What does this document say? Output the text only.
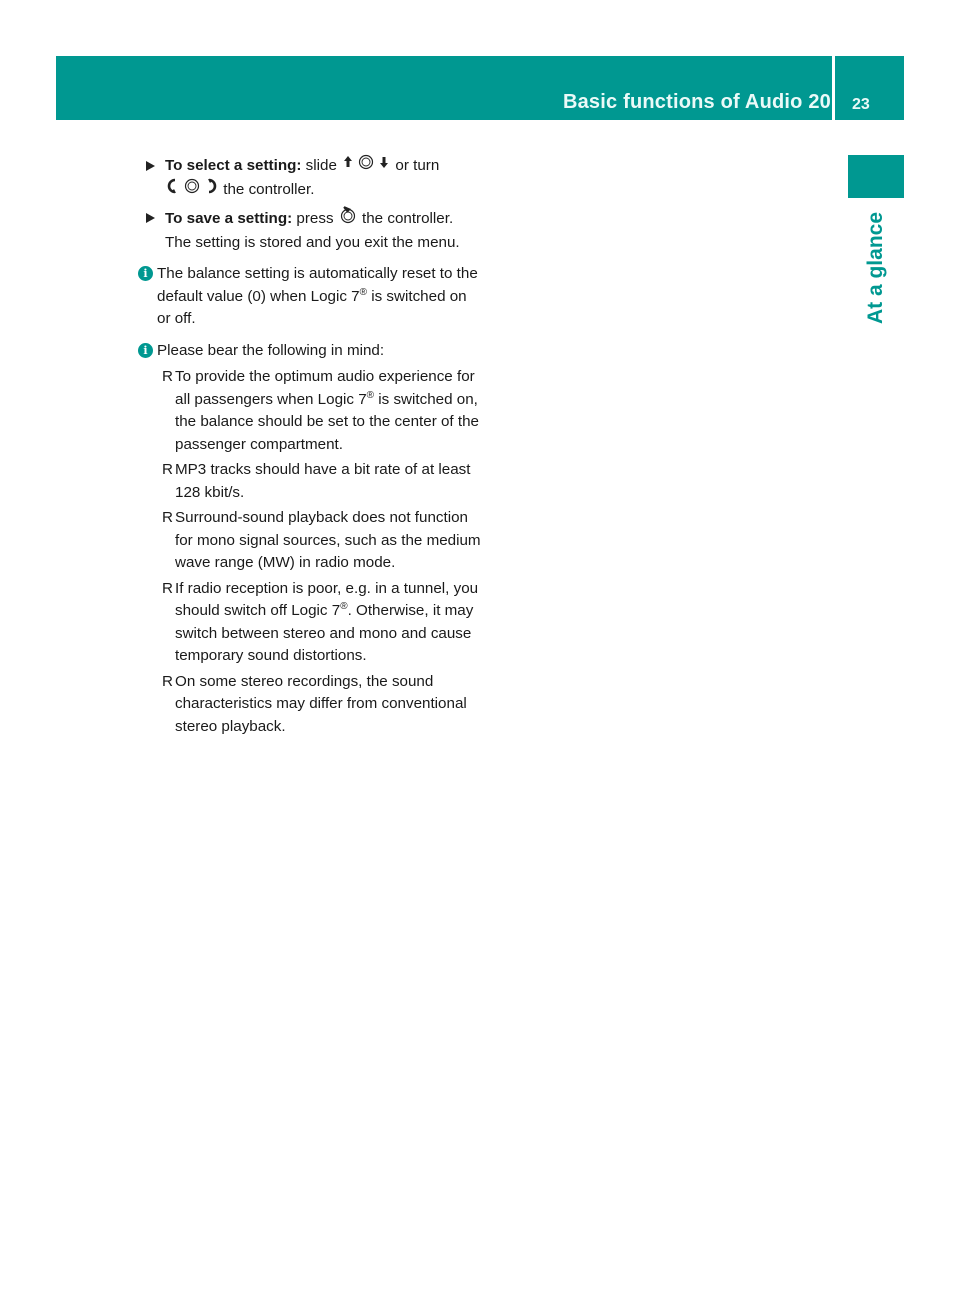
Basic functions of Audio 20 23
At a glance
To select a setting: slide	or turn
the controller.
To save a setting: press the controller. The setting is stored and you exit the menu.
i The balance setting is automatically reset to the default value (0) when Logic 7® is switched on or off.
i Please bear the following in mind:
R To provide the optimum audio experience for all passengers when Logic 7® is switched on, the balance should be set to the center of the passenger compartment.
R MP3 tracks should have a bit rate of at least 128 kbit/s.
R Surround-sound playback does not function for mono signal sources, such as the medium wave range (MW) in radio mode.
R If radio reception is poor, e.g. in a tunnel, you should switch off Logic 7®. Otherwise, it may switch between stereo and mono and cause temporary sound distortions.
R On some stereo recordings, the sound characteristics may differ from conventional stereo playback.
